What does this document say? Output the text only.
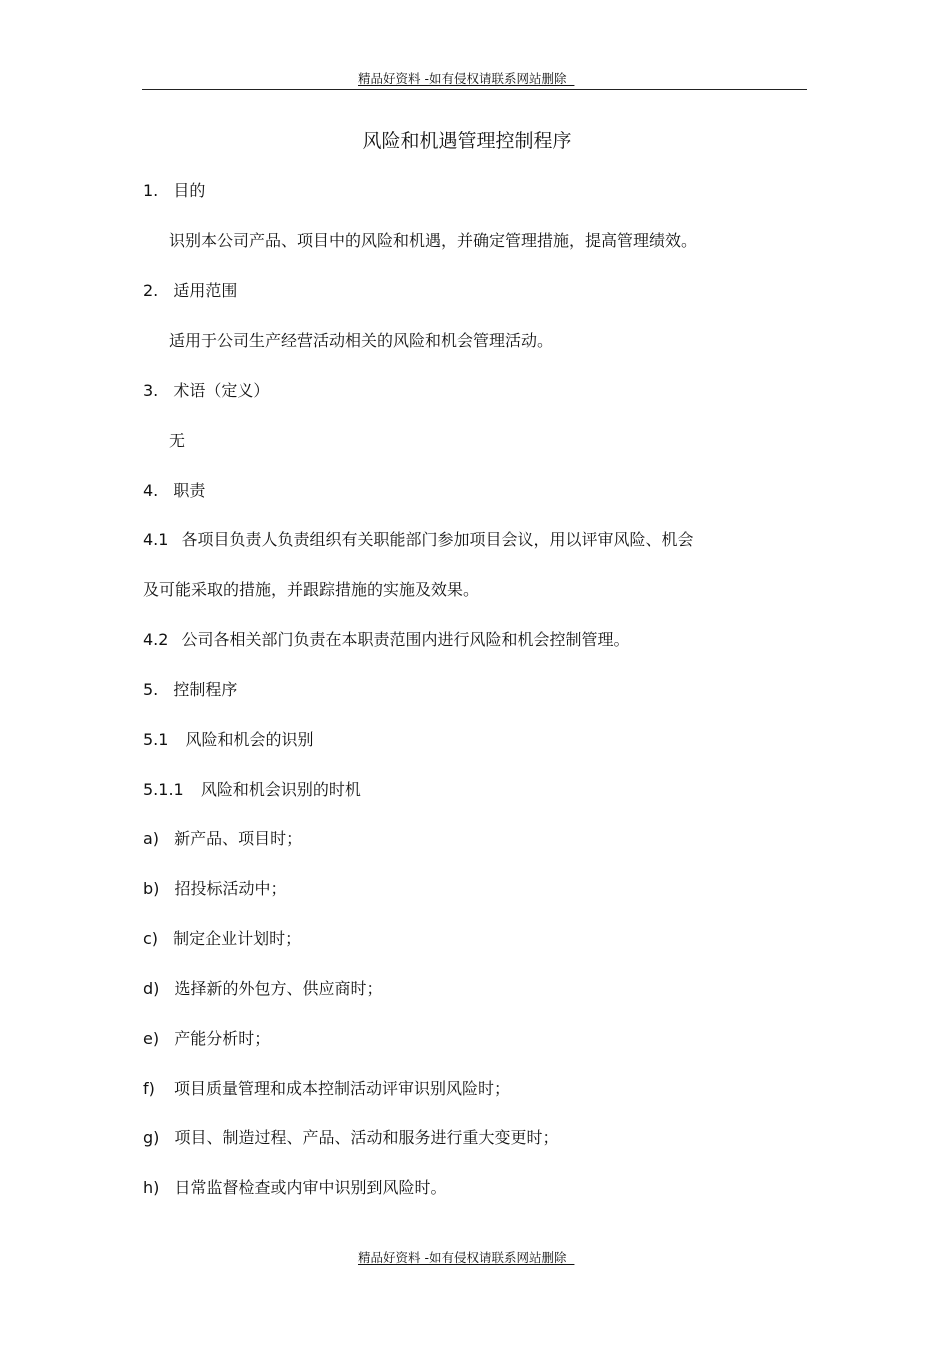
精品好资料 -如有侵权请联系网站删除
风险和机遇管理控制程序
1. 目的
识别本公司产品、项目中的风险和机遇，并确定管理措施，提高管理绩效。
2. 适用范围
适用于公司生产经营活动相关的风险和机会管理活动。
3. 术语（定义）
无
4. 职责
4.1 各项目负责人负责组织有关职能部门参加项目会议，用以评审风险、机会
及可能采取的措施，并跟踪措施的实施及效果。
4.2 公司各相关部门负责在本职责范围内进行风险和机会控制管理。
5. 控制程序
5.1 风险和机会的识别
5.1.1 风险和机会识别的时机
a) 新产品、项目时；
b) 招投标活动中；
c) 制定企业计划时；
d) 选择新的外包方、供应商时；
e) 产能分析时；
f) 项目质量管理和成本控制活动评审识别风险时；
g) 项目、制造过程、产品、活动和服务进行重大变更时；
h) 日常监督检查或内审中识别到风险时。
精品好资料 -如有侵权请联系网站删除
